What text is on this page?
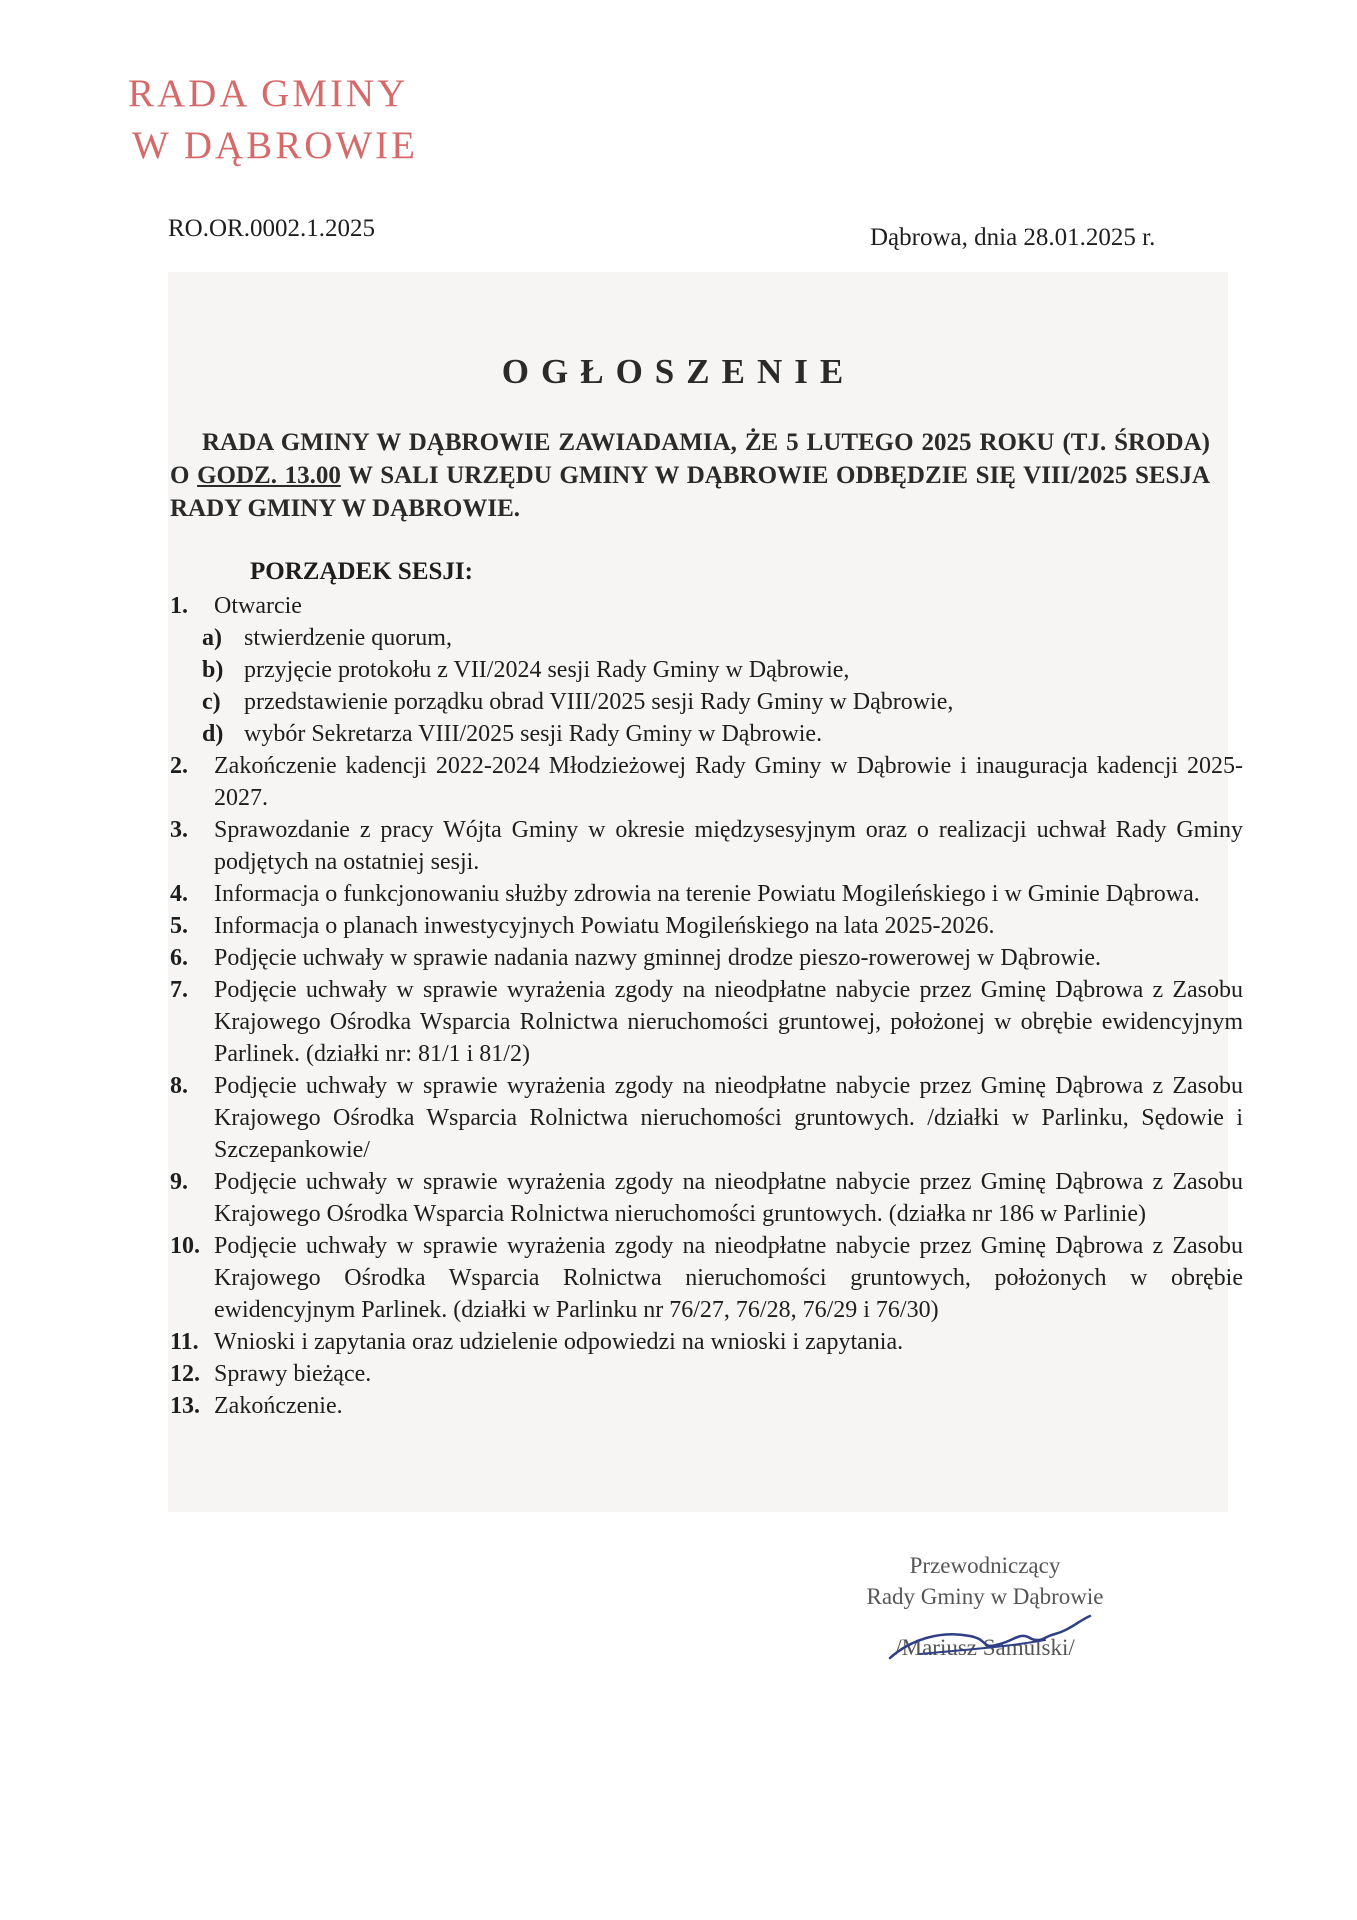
RADA GMINY
W DĄBROWIE
RO.OR.0002.1.2025	Dąbrowa, dnia 28.01.2025 r.
OGŁOSZENIE
RADA GMINY W DĄBROWIE ZAWIADAMIA, ŻE 5 LUTEGO 2025 ROKU (TJ. ŚRODA) O GODZ. 13.00 W SALI URZĘDU GMINY W DĄBROWIE ODBĘDZIE SIĘ VIII/2025 SESJA RADY GMINY W DĄBROWIE.
PORZĄDEK SESJI:
1. Otwarcie
a) stwierdzenie quorum,
b) przyjęcie protokołu z VII/2024 sesji Rady Gminy w Dąbrowie,
c) przedstawienie porządku obrad VIII/2025 sesji Rady Gminy w Dąbrowie,
d) wybór Sekretarza VIII/2025 sesji Rady Gminy w Dąbrowie.
2. Zakończenie kadencji 2022-2024 Młodzieżowej Rady Gminy w Dąbrowie i inauguracja kadencji 2025-2027.
3. Sprawozdanie z pracy Wójta Gminy w okresie międzysesyjnym oraz o realizacji uchwał Rady Gminy podjętych na ostatniej sesji.
4. Informacja o funkcjonowaniu służby zdrowia na terenie Powiatu Mogileńskiego i w Gminie Dąbrowa.
5. Informacja o planach inwestycyjnych Powiatu Mogileńskiego na lata 2025-2026.
6. Podjęcie uchwały w sprawie nadania nazwy gminnej drodze pieszo-rowerowej w Dąbrowie.
7. Podjęcie uchwały w sprawie wyrażenia zgody na nieodpłatne nabycie przez Gminę Dąbrowa z Zasobu Krajowego Ośrodka Wsparcia Rolnictwa nieruchomości gruntowej, położonej w obrębie ewidencyjnym Parlinek. (działki nr: 81/1 i 81/2)
8. Podjęcie uchwały w sprawie wyrażenia zgody na nieodpłatne nabycie przez Gminę Dąbrowa z Zasobu Krajowego Ośrodka Wsparcia Rolnictwa nieruchomości gruntowych. /działki w Parlinku, Sędowie i Szczepankowie/
9. Podjęcie uchwały w sprawie wyrażenia zgody na nieodpłatne nabycie przez Gminę Dąbrowa z Zasobu Krajowego Ośrodka Wsparcia Rolnictwa nieruchomości gruntowych. (działka nr 186 w Parlinie)
10. Podjęcie uchwały w sprawie wyrażenia zgody na nieodpłatne nabycie przez Gminę Dąbrowa z Zasobu Krajowego Ośrodka Wsparcia Rolnictwa nieruchomości gruntowych, położonych w obrębie ewidencyjnym Parlinek. (działki w Parlinku nr 76/27, 76/28, 76/29 i 76/30)
11. Wnioski i zapytania oraz udzielenie odpowiedzi na wnioski i zapytania.
12. Sprawy bieżące.
13. Zakończenie.
Przewodniczący
Rady Gminy w Dąbrowie
/Mariusz Samulski/
